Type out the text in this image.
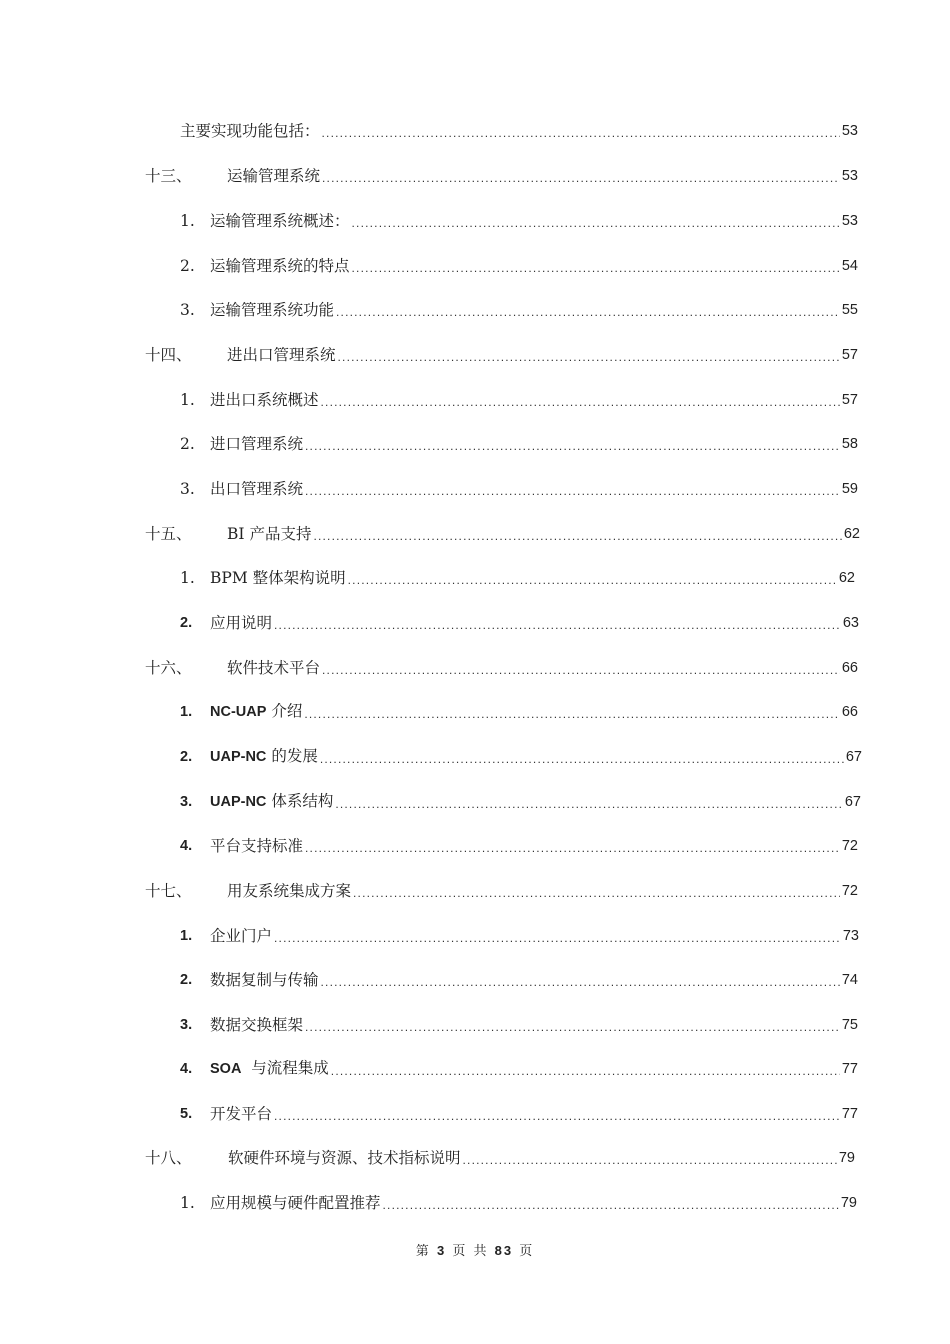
主要实现功能包括： .....	53
十三、	运输管理系统 .....	53
1. 运输管理系统概述： .....	53
2. 运输管理系统的特点 .....	54
3. 运输管理系统功能 .....	55
十四、	进出口管理系统 .....	57
1. 进出口系统概述 .....	57
2. 进口管理系统 .....	58
3. 出口管理系统 .....	59
十五、	BI 产品支持 .....	62
1. BPM 整体架构说明 .....	62
2.	应用说明 .....	63
十六、	软件技术平台 .....	66
1.	NC-UAP 介绍 .....	66
2.	UAP-NC 的发展 .....	67
3.	UAP-NC 体系结构 .....	67
4.	平台支持标准 .....	72
十七、	用友系统集成方案 .....	72
1.	企业门户 .....	73
2.	数据复制与传输 .....	74
3.	数据交换框架 .....	75
4.	SOA  与流程集成 .....	77
5.	开发平台 .....	77
十八、	软硬件环境与资源、技术指标说明 .....	79
1. 应用规模与硬件配置推荐 .....	79
第 3 页 共 83 页
